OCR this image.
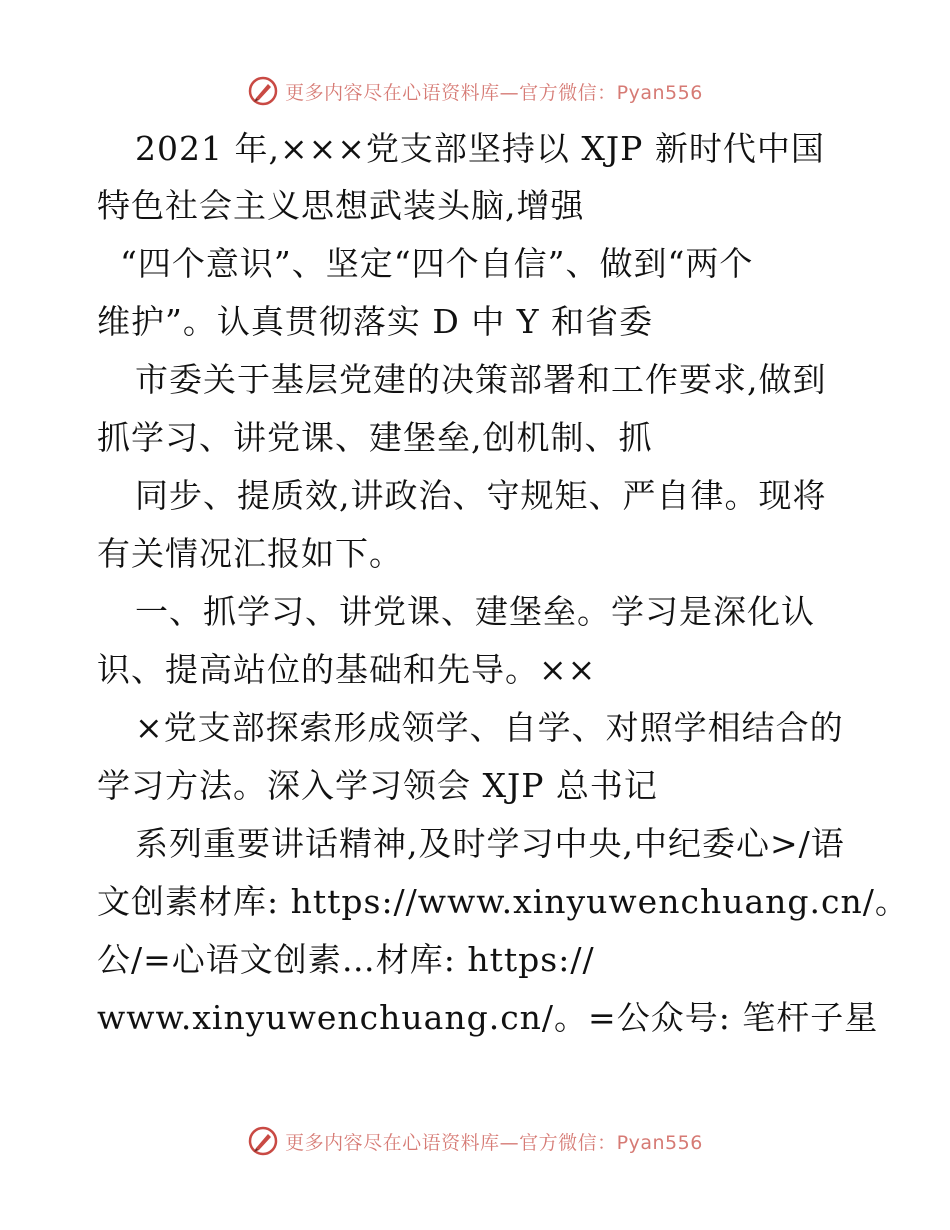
更多内容尽在心语资料库—官方微信：Pyan556
2021 年,×××党支部坚持以 XJP 新时代中国
特色社会主义思想武装头脑,增强
“四个意识”、坚定“四个自信”、做到“两个
维护”。认真贯彻落实 D 中 Y 和省委
市委关于基层党建的决策部署和工作要求,做到
抓学习、讲党课、建堡垒,创机制、抓
同步、提质效,讲政治、守规矩、严自律。现将
有关情况汇报如下。
一、抓学习、讲党课、建堡垒。学习是深化认
识、提高站位的基础和先导。××
×党支部探索形成领学、自学、对照学相结合的
学习方法。深入学习领会 XJP 总书记
系列重要讲话精神,及时学习中央,中纪委心>/语
文创素材库: https://www.xinyuwenchuang.cn/。
公/=心语文创素…材库: https://
www.xinyuwenchuang.cn/。=公众号: 笔杆子星
更多内容尽在心语资料库—官方微信：Pyan556
